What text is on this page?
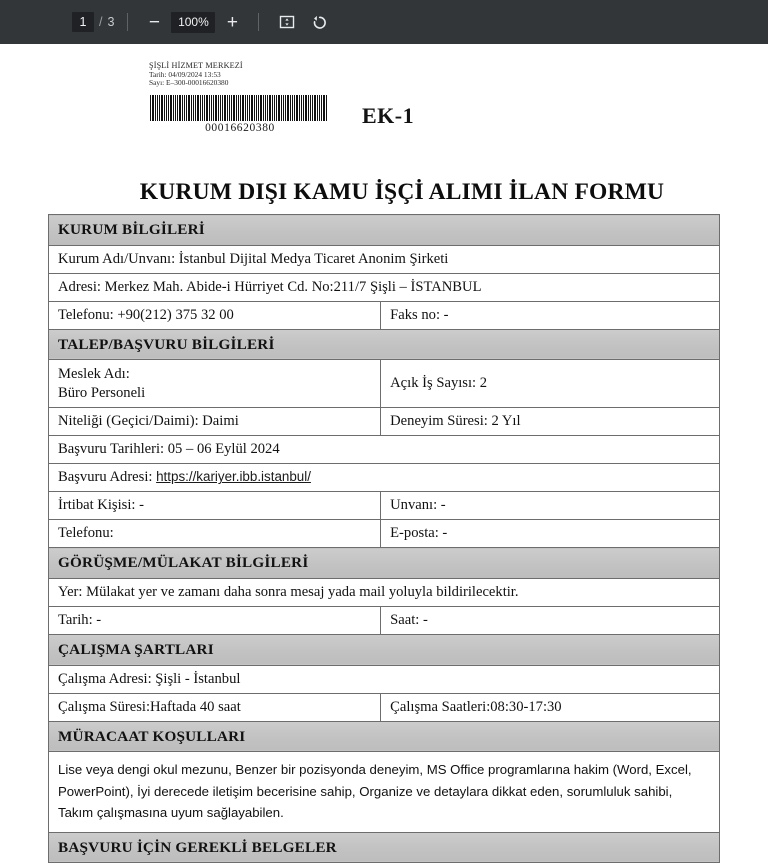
1
/ 3 −	100% +
ŞİŞLİ HİZMET MERKEZİ
Tarih: 04/09/2024 13:53
Sayı: E–300-00016620380
00016620380	EK-1
KURUM DIŞI KAMU İŞÇİ ALIMI İLAN FORMU
KURUM BİLGİLERİ	
Kurum Adı/Unvanı: İstanbul Dijital Medya Ticaret Anonim Şirketi	
Adresi: Merkez Mah. Abide-i Hürriyet Cd. No:211/7 Şişli – İSTANBUL	
Telefonu: +90(212) 375 32 00	Faks no: -
TALEP/BAŞVURU BİLGİLERİ	

Meslek Adı:
Büro Personeli	Açık İş Sayısı: 2
Niteliği (Geçici/Daimi): Daimi	Deneyim Süresi: 2 Yıl
Başvuru Tarihleri: 05 – 06 Eylül 2024	
Başvuru Adresi: https://kariyer.ibb.istanbul/	
İrtibat Kişisi: -	Unvanı: -
Telefonu:	E-posta: -
GÖRÜŞME/MÜLAKAT BİLGİLERİ	
Yer: Mülakat yer ve zamanı daha sonra mesaj yada mail yoluyla bildirilecektir.	
Tarih: -	Saat: -
ÇALIŞMA ŞARTLARI	
Çalışma Adresi: Şişli - İstanbul	
Çalışma Süresi:Haftada 40 saat	Çalışma Saatleri:08:30-17:30
MÜRACAAT KOŞULLARI	
Lise veya dengi okul mezunu, Benzer bir pozisyonda deneyim, MS Office programlarına hakim (Word, Excel, PowerPoint), İyi derecede iletişim becerisine sahip, Organize ve detaylara dikkat eden, sorumluluk sahibi, Takım çalışmasına uyum sağlayabilen.	
BAŞVURU İÇİN GEREKLİ BELGELER	
